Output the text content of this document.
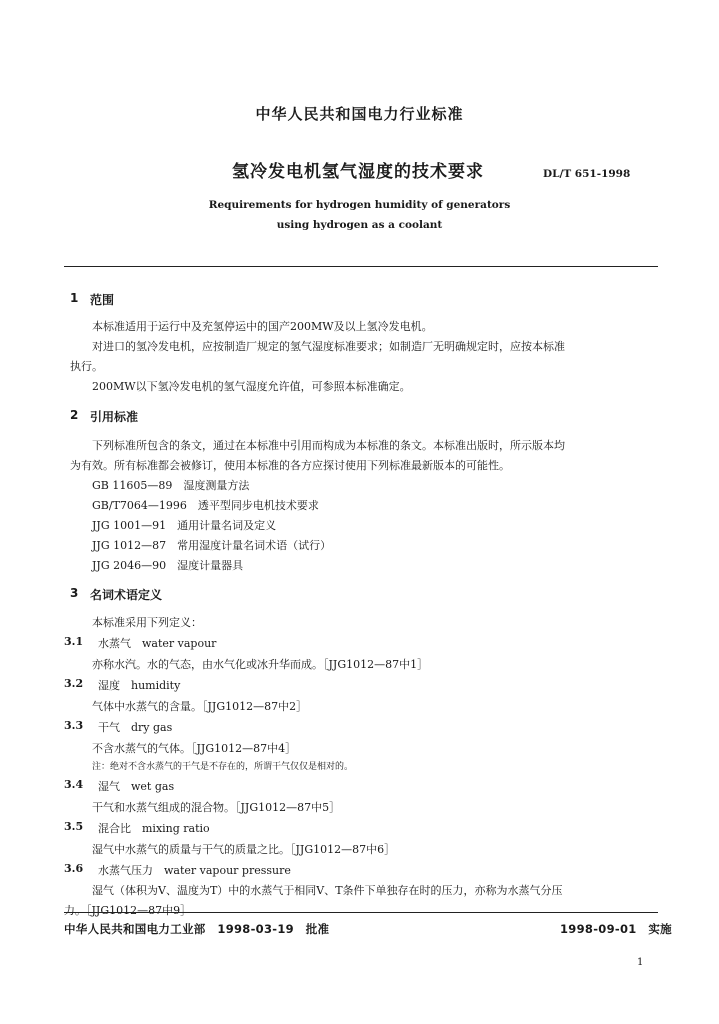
中华人民共和国电力行业标准
氢冷发电机氢气湿度的技术要求	DL/T 651-1998
Requirements for hydrogen humidity of generators
using hydrogen as a coolant
1 范围
本标准适用于运行中及充氢停运中的国产200MW及以上氢冷发电机。
对进口的氢冷发电机，应按制造厂规定的氢气湿度标准要求；如制造厂无明确规定时，应按本标准
执行。
200MW以下氢冷发电机的氢气湿度允许值，可参照本标准确定。
2 引用标准
下列标准所包含的条文，通过在本标准中引用而构成为本标准的条文。本标准出版时，所示版本均
为有效。所有标准都会被修订，使用本标准的各方应探讨使用下列标准最新版本的可能性。
GB 11605—89　湿度测量方法
GB/T7064—1996　透平型同步电机技术要求
JJG 1001—91　通用计量名词及定义
JJG 1012—87　常用湿度计量名词术语（试行）
JJG 2046—90　湿度计量器具
3 名词术语定义
本标准采用下列定义：
3.1 水蒸气　water vapour
亦称水汽。水的气态，由水气化或冰升华而成。［JJG1012—87中1］
3.2 湿度　humidity
气体中水蒸气的含量。［JJG1012—87中2］
3.3 干气　dry gas
不含水蒸气的气体。［JJG1012—87中4］
注：绝对不含水蒸气的干气是不存在的，所谓干气仅仅是相对的。
3.4 湿气　wet gas
干气和水蒸气组成的混合物。［JJG1012—87中5］
3.5 混合比　mixing ratio
湿气中水蒸气的质量与干气的质量之比。［JJG1012—87中6］
3.6 水蒸气压力　water vapour pressure
湿气（体积为V、温度为T）中的水蒸气于相同V、T条件下单独存在时的压力，亦称为水蒸气分压
力。［JJG1012—87中9］
中华人民共和国电力工业部　1998-03-19　批准	1998-09-01　实施
1
